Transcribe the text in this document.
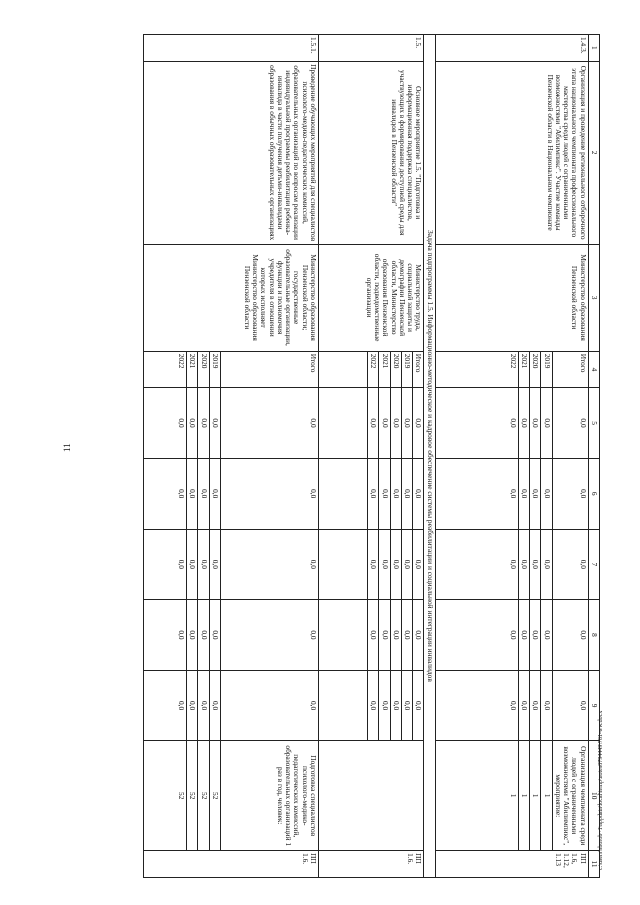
11
c:\users\sborob~1\appdata\local\temp\notes8794449\781-ww.docx
1	2	3	4	5	6	7	8	9	10	11
1.4.3.	Организация и проведение регионального отборочного этапа национального чемпионата профессионального мастерства среди людей с ограниченными возможностями "Абилимпикс". Участие команды Пензенской области в Национальном чемпионате	Министерство образования Пензенской области	Итого	0,0	0,0	0,0	0,0	0,0	Организация чемпионата среди людей с ограниченными возможностями "Абилимпикс", мероприятие:	ПП 1.6, 1.12, 1.13
			2019	0,0	0,0	0,0	0,0	0,0	1	
			2020	0,0	0,0	0,0	0,0	0,0	1	
			2021	0,0	0,0	0,0	0,0	0,0	1	
			2022	0,0	0,0	0,0	0,0	0,0	1	
Задача подпрограммы 1.5. Информационно-методическое и кадровое обеспечение системы реабилитации и социальной интеграции инвалидов										
1.5.	Основное мероприятие 1.5. "Подготовка и информационная поддержка специалистов, участвующих в формировании доступной среды для инвалидов в Пензенской области"	Министерство труда, социальной защиты и демографии Пензенской области, Министерство образования Пензенской области, подведомственные организации	Итого	0,0	0,0	0,0	0,0	0,0		ПП 1.6.
			2019	0,0	0,0	0,0	0,0	0,0		
			2020	0,0	0,0	0,0	0,0	0,0		
			2021	0,0	0,0	0,0	0,0	0,0		
			2022	0,0	0,0	0,0	0,0	0,0		

1.5.1.	Проведение обучающих мероприятий для специалистов психолого-медико-педагогических комиссий, образовательных организаций по вопросам реализации индивидуальной программы реабилитации ребенка-инвалида в части получения детьми-инвалидами образования в обычных образовательных организациях	Министерство образования Пензенской области; государственные образовательные организации, функции и полномочия учредителя в отношении которых исполняет Министерство образования Пензенской области	Итого	0,0	0,0	0,0	0,0	0,0	Подготовка специалистов психолого-медико-педагогических комиссий, образовательных организаций 1 раз в год, человек:	ПП 1.6.
			2019	0,0	0,0	0,0	0,0	0,0	52	
			2020	0,0	0,0	0,0	0,0	0,0	52	
			2021	0,0	0,0	0,0	0,0	0,0	52	
			2022	0,0	0,0	0,0	0,0	0,0	52	
